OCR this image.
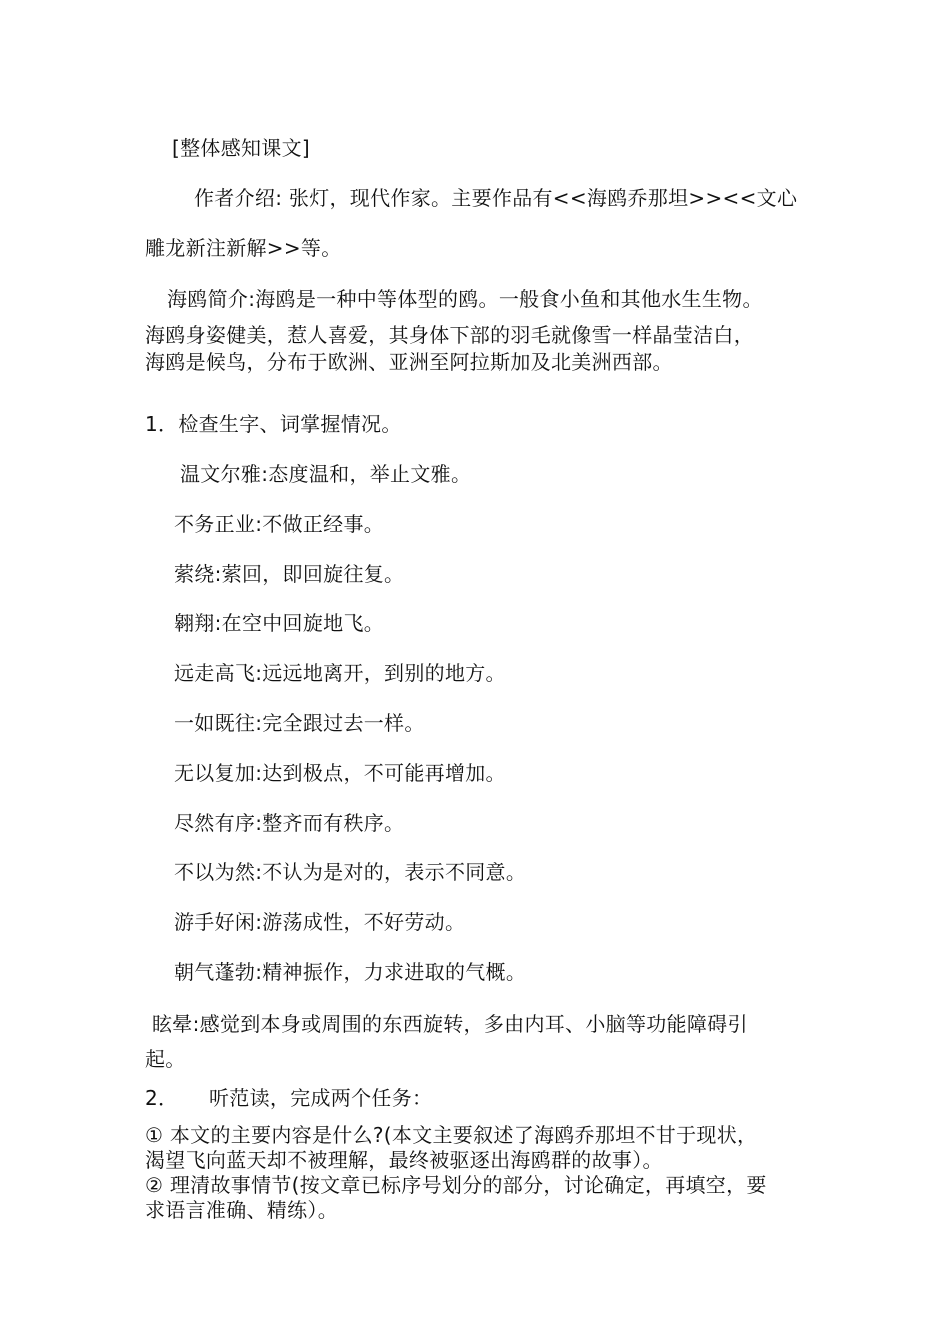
[整体感知课文]
作者介绍: 张灯，现代作家。主要作品有<<海鸥乔那坦>><<文心
雕龙新注新解>>等。
海鸥简介:海鸥是一种中等体型的鸥。一般食小鱼和其他水生生物。
海鸥身姿健美，惹人喜爱，其身体下部的羽毛就像雪一样晶莹洁白，
海鸥是候鸟，分布于欧洲、亚洲至阿拉斯加及北美洲西部。
1．检查生字、词掌握情况。
温文尔雅:态度温和，举止文雅。
不务正业:不做正经事。
萦绕:萦回，即回旋往复。
翱翔:在空中回旋地飞。
远走高飞:远远地离开，到别的地方。
一如既往:完全跟过去一样。
无以复加:达到极点，不可能再增加。
尽然有序:整齐而有秩序。
不以为然:不认为是对的，表示不同意。
游手好闲:游荡成性，不好劳动。
朝气蓬勃:精神振作，力求进取的气概。
眩晕:感觉到本身或周围的东西旋转，多由内耳、小脑等功能障碍引
起。
2． 听范读，完成两个任务：
① 本文的主要内容是什么?(本文主要叙述了海鸥乔那坦不甘于现状，
渴望飞向蓝天却不被理解，最终被驱逐出海鸥群的故事）。
② 理清故事情节(按文章已标序号划分的部分，讨论确定，再填空，要
求语言准确、精练）。
